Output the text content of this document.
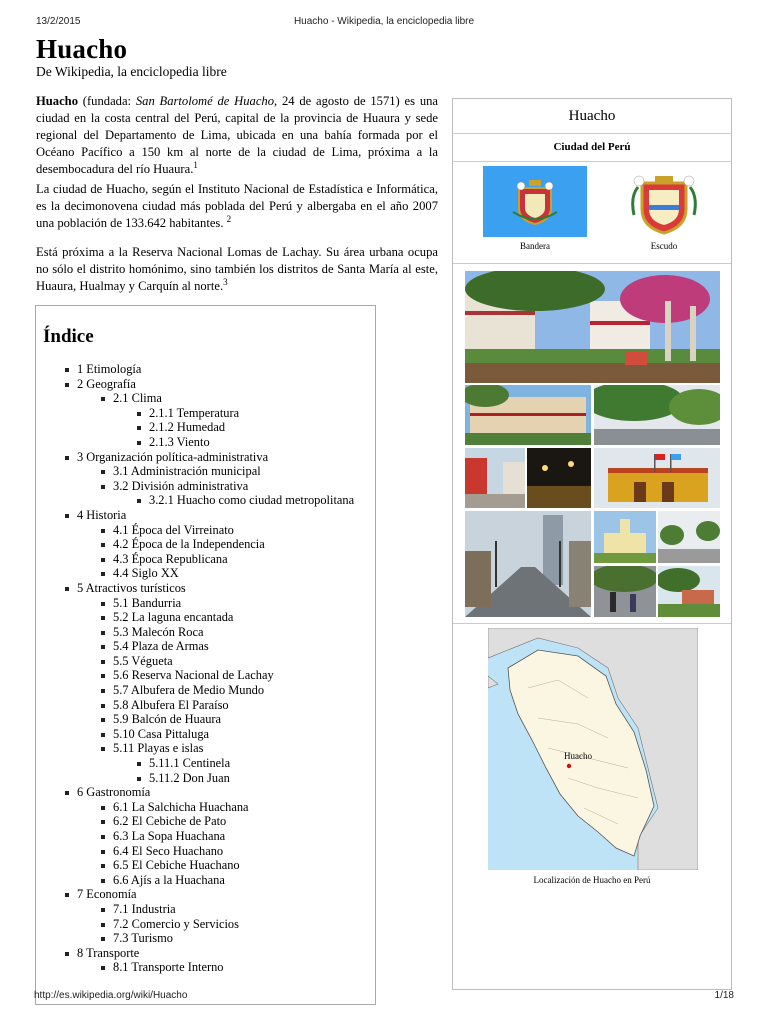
13/2/2015	Huacho - Wikipedia, la enciclopedia libre
Huacho
De Wikipedia, la enciclopedia libre

Huacho (fundada: San Bartolomé de Huacho, 24 de agosto de 1571) es una ciudad en la costa central del Perú, capital de la provincia de Huaura y sede regional del Departamento de Lima, ubicada en una bahía formada por el Océano Pacífico a 150 km al norte de la ciudad de Lima, próxima a la desembocadura del río Huaura.$^1$

La ciudad de Huacho, según el Instituto Nacional de Estadística e Informática, es la decimonovena ciudad más poblada del Perú y albergaba en el año 2007 una población de 133.642 habitantes. $^2$

Está próxima a la Reserva Nacional Lomas de Lachay. Su área urbana ocupa no sólo el distrito homónimo, sino también los distritos de Santa María al este, Huaura, Hualmay y Carquín al norte.$^3$

Índice
1 Etimología
2 Geografía
2.1 Clima
2.1.1 Temperatura
2.1.2 Humedad
2.1.3 Viento
3 Organización política-administrativa
3.1 Administración municipal
3.2 División administrativa
3.2.1 Huacho como ciudad metropolitana
4 Historia
4.1 Época del Virreinato
4.2 Época de la Independencia
4.3 Época Republicana
4.4 Siglo XX
5 Atractivos turísticos
5.1 Bandurria
5.2 La laguna encantada
5.3 Malecón Roca
5.4 Plaza de Armas
5.5 Végueta
5.6 Reserva Nacional de Lachay
5.7 Albufera de Medio Mundo
5.8 Albufera El Paraíso
5.9 Balcón de Huaura
5.10 Casa Pittaluga
5.11 Playas e islas
5.11.1 Centinela
5.11.2 Don Juan
6 Gastronomía
6.1 La Salchicha Huachana
6.2 El Cebiche de Pato
6.3 La Sopa Huachana
6.4 El Seco Huachano
6.5 El Cebiche Huachano
6.6 Ajís a la Huachana
7 Economía
7.1 Industria
7.2 Comercio y Servicios
7.3 Turismo
8 Transporte
8.1 Transporte Interno
Huacho
Ciudad del Perú
Bandera	Escudo
Huacho
Localización de Huacho en Perú
http://es.wikipedia.org/wiki/Huacho	1/18
